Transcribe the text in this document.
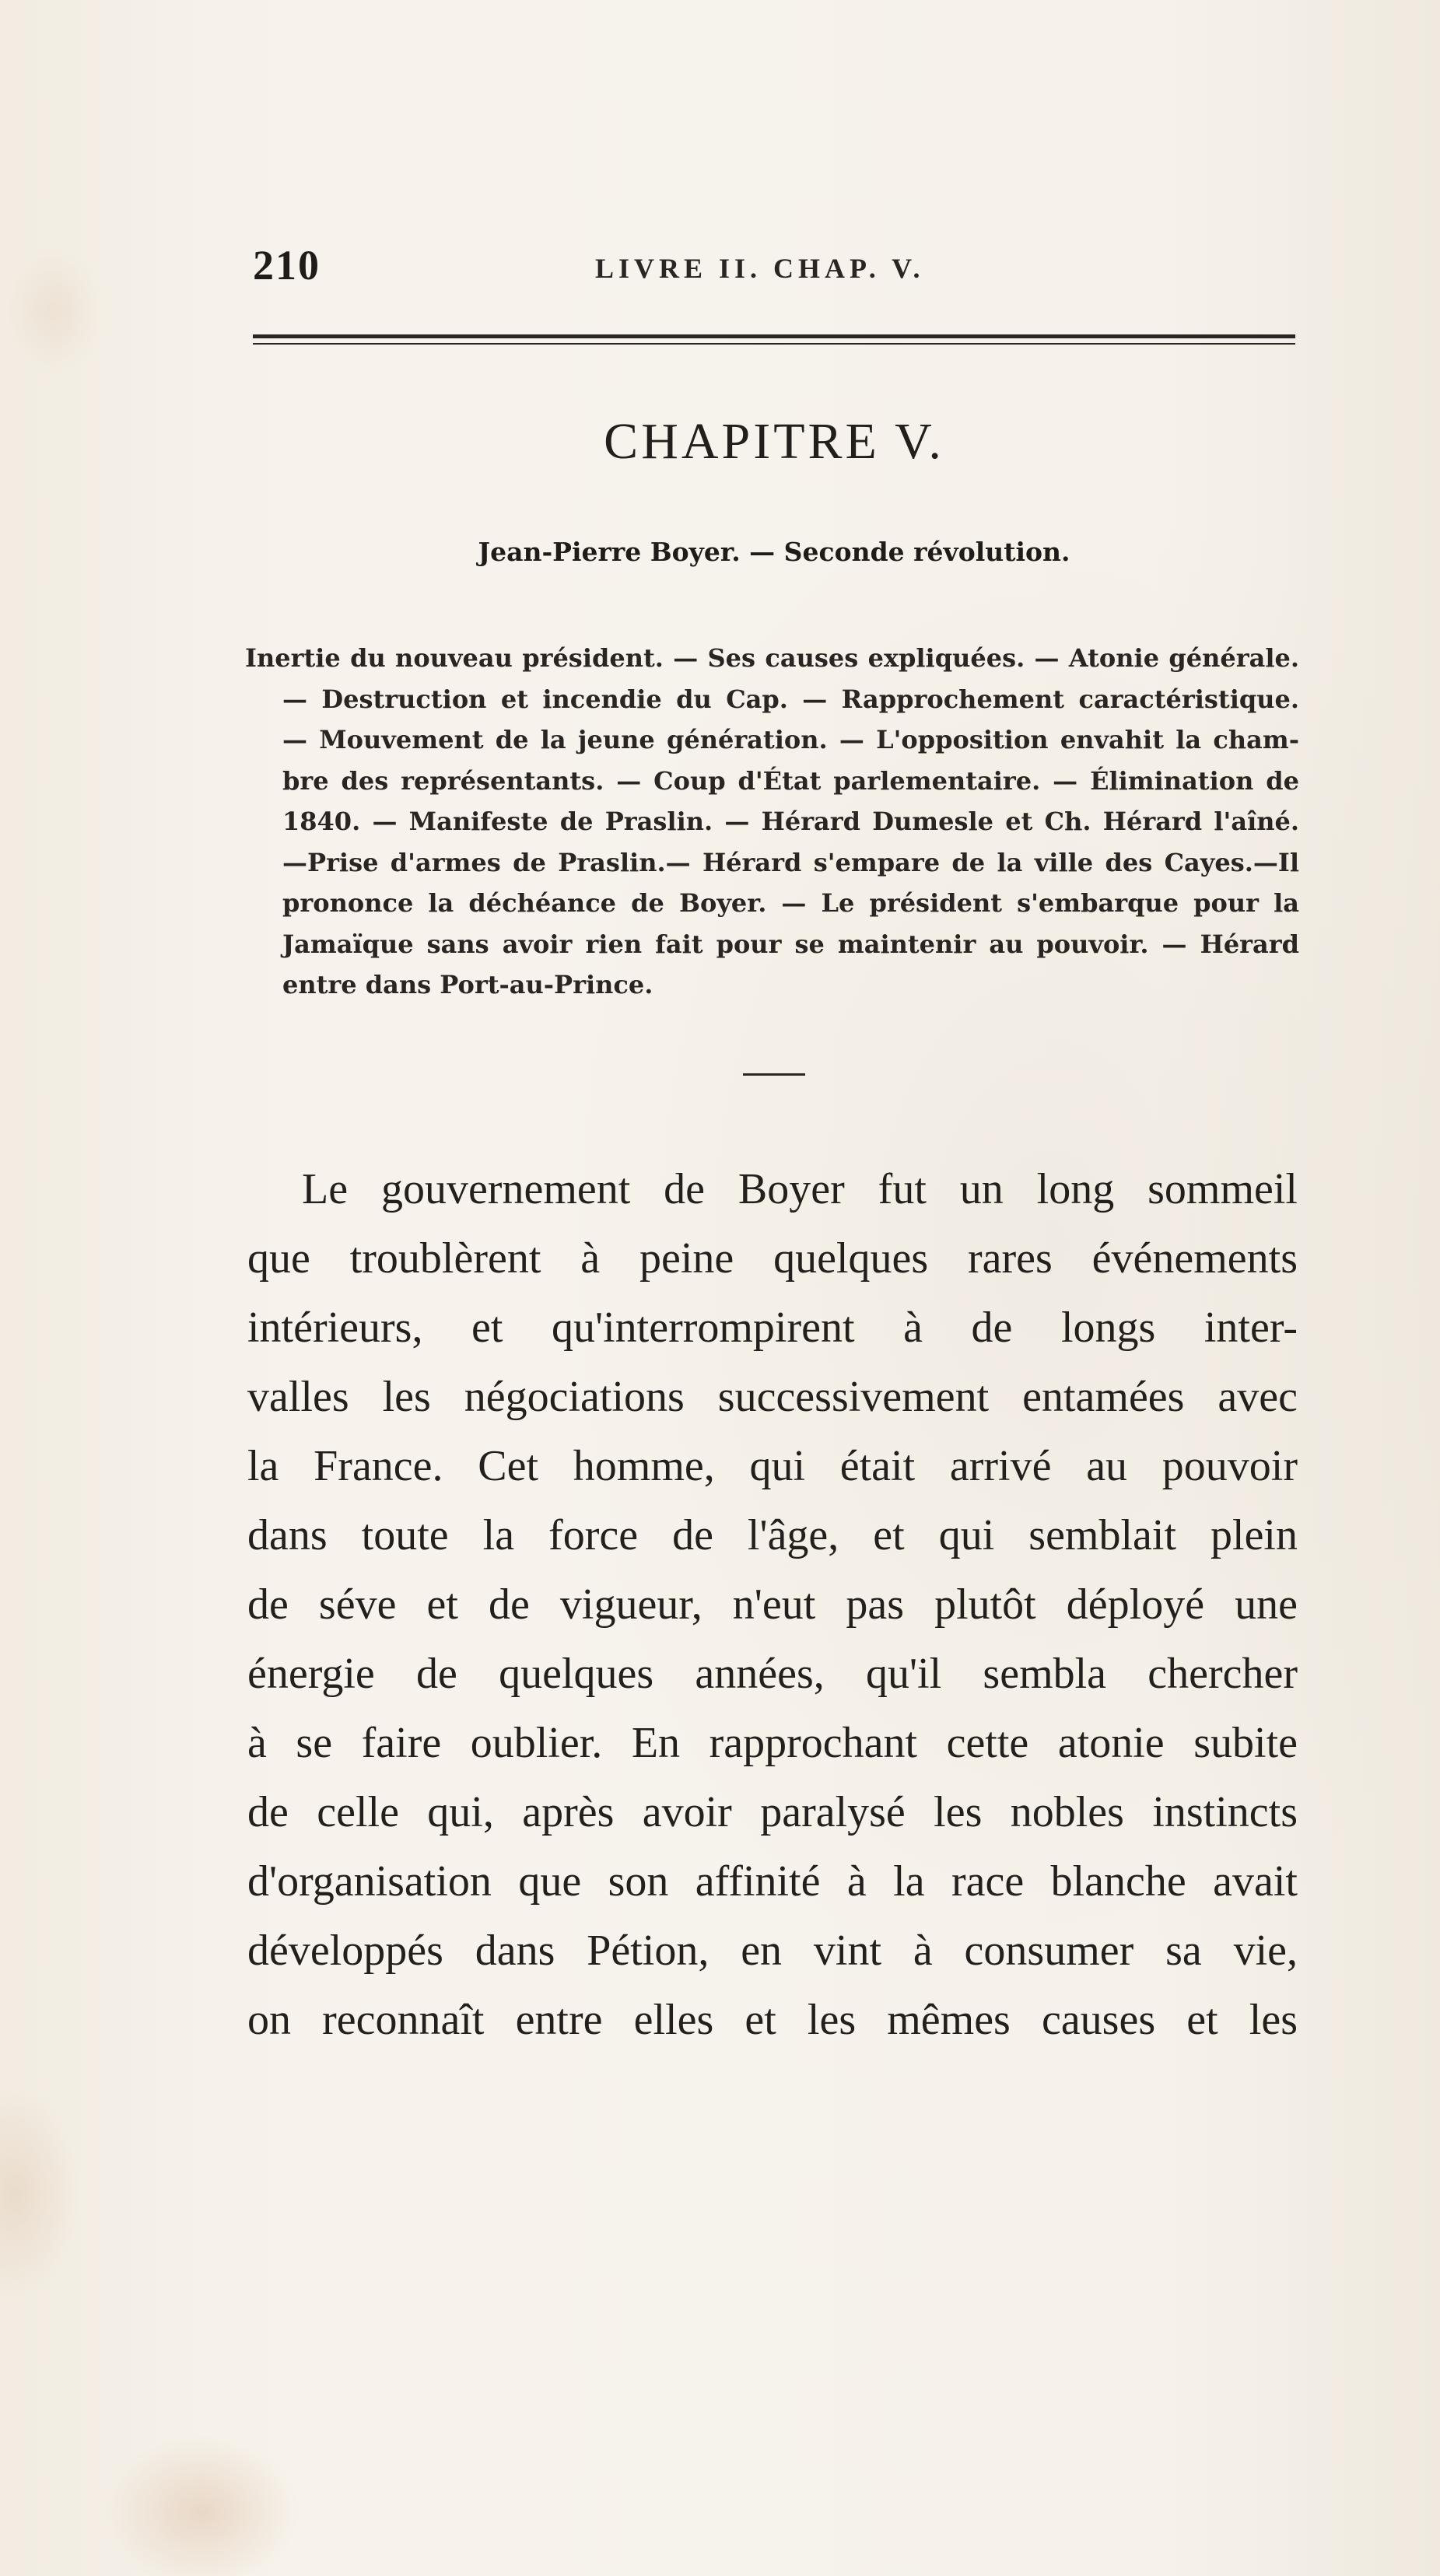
210	LIVRE II. CHAP. V.
CHAPITRE V.
Jean-Pierre Boyer. — Seconde révolution.
Inertie du nouveau président. — Ses causes expliquées. — Atonie générale.
— Destruction et incendie du Cap. — Rapprochement caractéristique.
— Mouvement de la jeune génération. — L'opposition envahit la cham-
bre des représentants. — Coup d'État parlementaire. — Élimination de
1840. — Manifeste de Praslin. — Hérard Dumesle et Ch. Hérard l'aîné.
—Prise d'armes de Praslin.— Hérard s'empare de la ville des Cayes.—Il
prononce la déchéance de Boyer. — Le président s'embarque pour la
Jamaïque sans avoir rien fait pour se maintenir au pouvoir. — Hérard
entre dans Port-au-Prince.
Le gouvernement de Boyer fut un long sommeil
que troublèrent à peine quelques rares événements
intérieurs, et qu'interrompirent à de longs inter-
valles les négociations successivement entamées avec
la France. Cet homme, qui était arrivé au pouvoir
dans toute la force de l'âge, et qui semblait plein
de séve et de vigueur, n'eut pas plutôt déployé une
énergie de quelques années, qu'il sembla chercher
à se faire oublier. En rapprochant cette atonie subite
de celle qui, après avoir paralysé les nobles instincts
d'organisation que son affinité à la race blanche avait
développés dans Pétion, en vint à consumer sa vie,
on reconnaît entre elles et les mêmes causes et les
